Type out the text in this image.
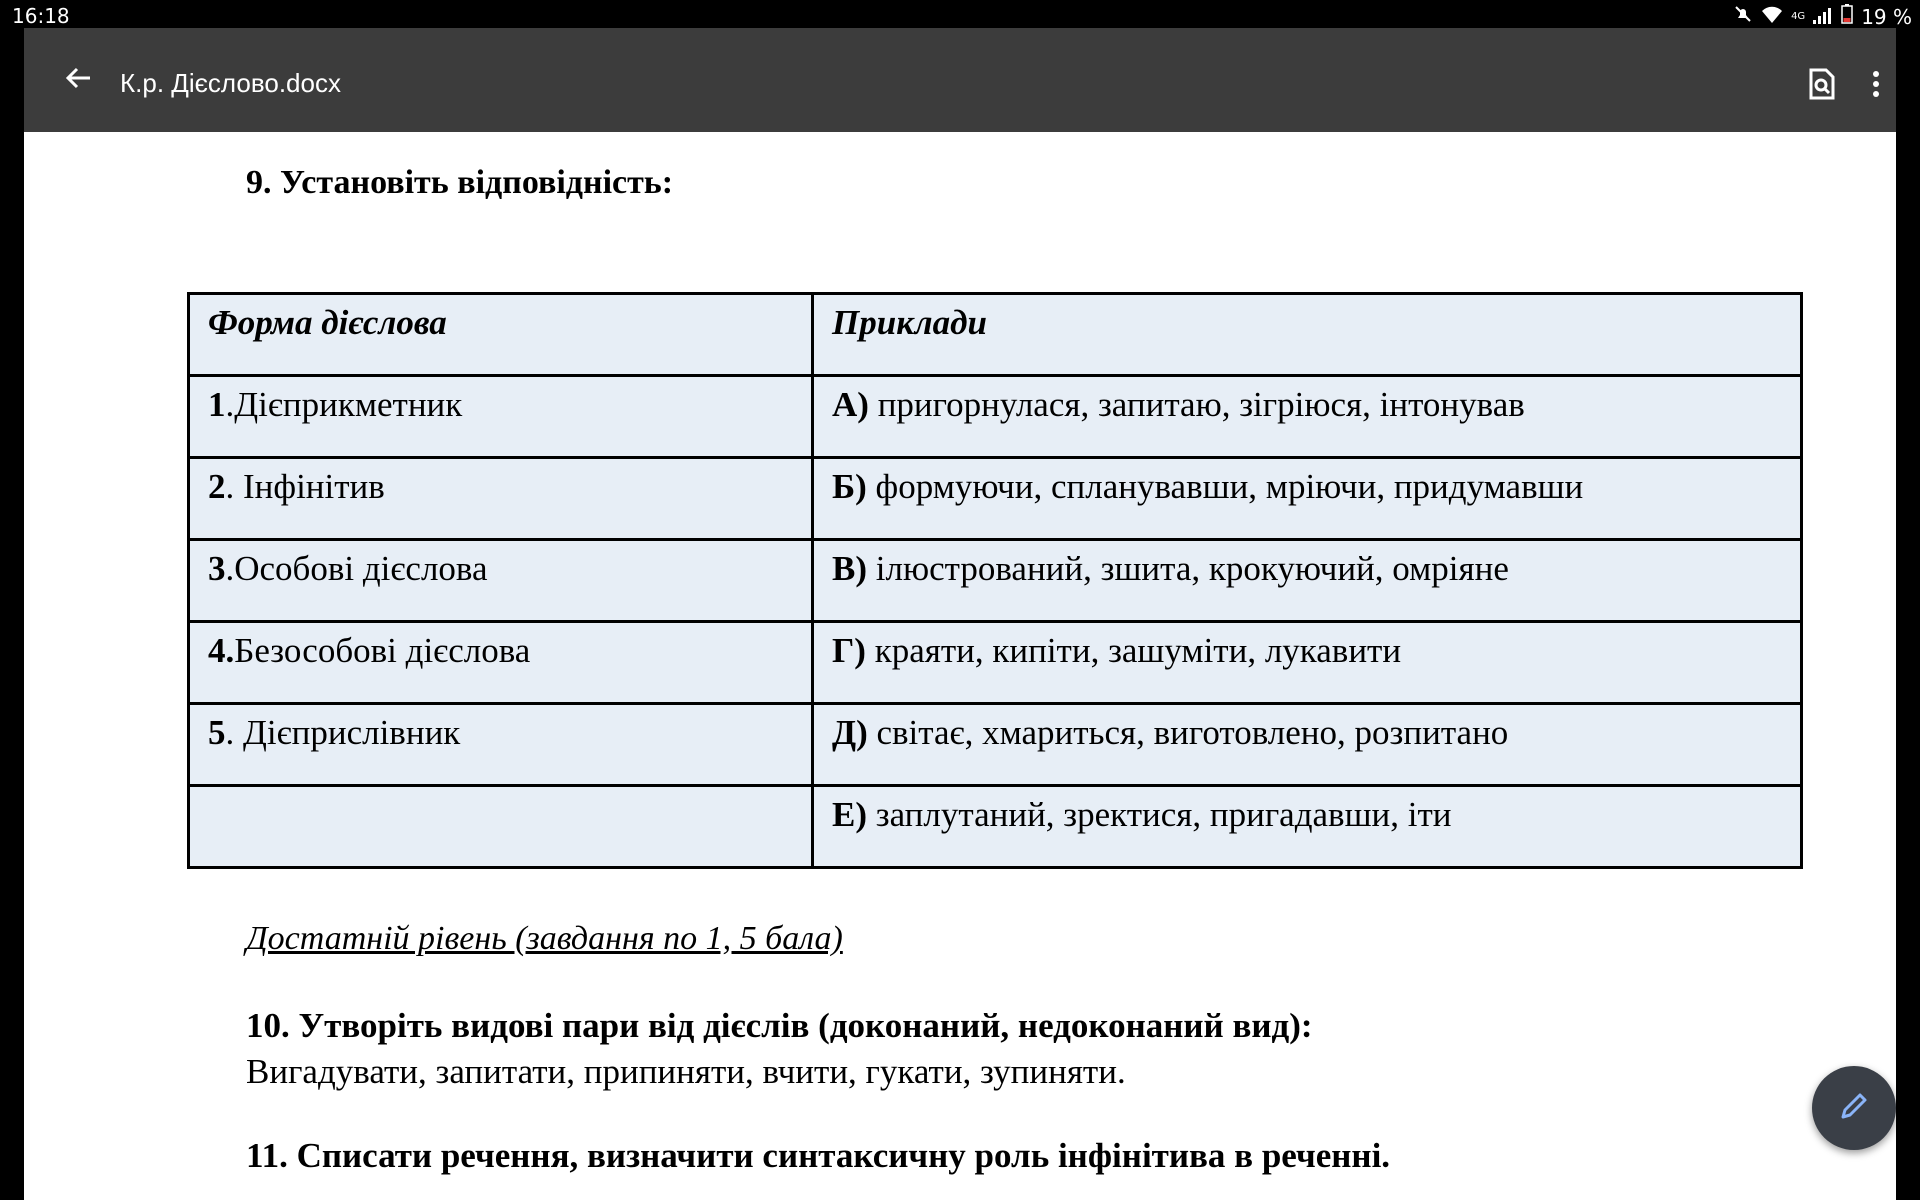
16:18	4G	19 %
К.р. Дієслово.docx
9. Установіть відповідність:
Форма дієслова	Приклади
1.Дієприкметник	А) пригорнулася, запитаю, зігріюся, інтонував
2. Інфінітив	Б) формуючи, спланувавши, мріючи, придумавши
3.Особові дієслова	В) ілюстрований, зшита, крокуючий, омріяне
4.Безособові дієслова	Г) краяти, кипіти, зашуміти, лукавити
5. Дієприслівник	Д) світає, хмариться, виготовлено, розпитано
	Е) заплутаний, зректися, пригадавши, іти
Достатній рівень (завдання по 1, 5 бала)
10. Утворіть видові пари від дієслів (доконаний, недоконаний вид):
Вигадувати, запитати, припиняти, вчити, гукати, зупиняти.
11. Списати речення, визначити синтаксичну роль інфінітива в реченні.
